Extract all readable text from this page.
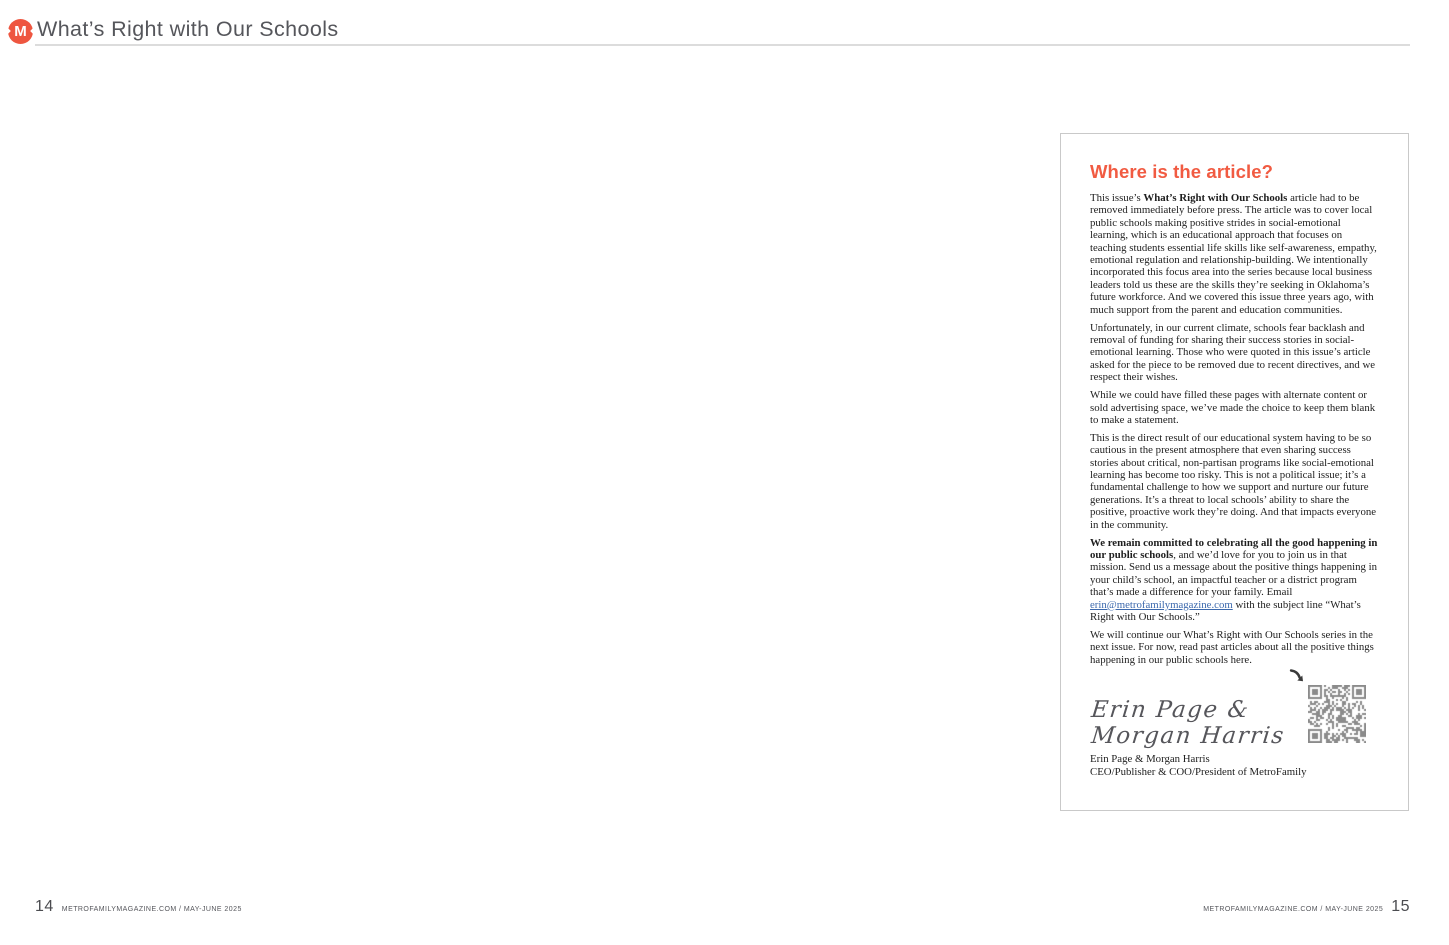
M What’s Right with Our Schools
Where is the article?

This issue’s What’s Right with Our Schools article had to be removed immediately before press. The article was to cover local public schools making positive strides in social-emotional learning, which is an educational approach that focuses on teaching students essential life skills like self-awareness, empathy, emotional regulation and relationship-building. We intentionally incorporated this focus area into the series because local business leaders told us these are the skills they’re seeking in Oklahoma’s future workforce. And we covered this issue three years ago, with much support from the parent and education communities.

Unfortunately, in our current climate, schools fear backlash and removal of funding for sharing their success stories in social-emotional learning. Those who were quoted in this issue’s article asked for the piece to be removed due to recent directives, and we respect their wishes.

While we could have filled these pages with alternate content or sold advertising space, we’ve made the choice to keep them blank to make a statement.

This is the direct result of our educational system having to be so cautious in the present atmosphere that even sharing success stories about critical, non-partisan programs like social-emotional learning has become too risky. This is not a political issue; it’s a fundamental challenge to how we support and nurture our future generations. It’s a threat to local schools’ ability to share the positive, proactive work they’re doing. And that impacts everyone in the community.

We remain committed to celebrating all the good happening in our public schools, and we’d love for you to join us in that mission. Send us a message about the positive things happening in your child’s school, an impactful teacher or a district program that’s made a difference for your family. Email erin@metrofamilymagazine.com with the subject line “What’s Right with Our Schools.”

We will continue our What’s Right with Our Schools series in the next issue. For now, read past articles about all the positive things happening in our public schools here.

Erin Page &
Morgan Harris
Erin Page & Morgan Harris
CEO/Publisher & COO/President of MetroFamily
14 METROFAMILYMAGAZINE.COM / MAY-JUNE 2025	METROFAMILYMAGAZINE.COM / MAY-JUNE 2025 15
